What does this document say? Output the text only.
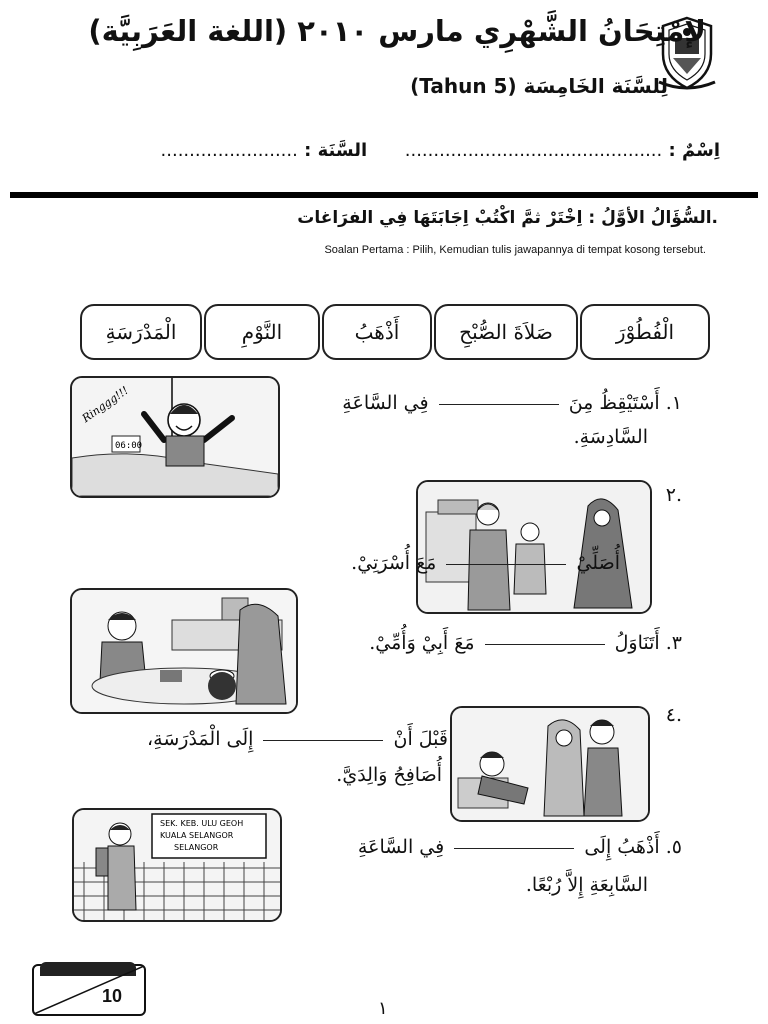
لإمْتِحَانُ الشَّهْرِي مارس ٢٠١٠ (اللغة العَرَبِيَّة)
لِلسَّنَة الخَامِسَة (Tahun 5)
اِسْمٌ : .............................................      السَّنَة : ........................
.السُّؤَالُ الأوَّلُ : اِخْتَرْ ثمَّ اكْتُبْ اِجَابَتَهَا فِي الفرَاغات
Soalan Pertama : Pilih, Kemudian tulis jawapannya di tempat kosong tersebut.
الْفُطُوْرَ
صَلاَةَ الصُّبْحِ
أَذْهَبُ
النَّوْمِ
الْمَدْرَسَةِ
06:00
Ringgg!!!	١. أَسْتَيْقِظُ مِنَ  فِي السَّاعَةِ
السَّادِسَةِ.
أُصَلِّيْ  مَعَ أُسْرَتِيْ.
.٢
٣. أَتَنَاوَلُ  مَعَ أَبِيْ وَأُمِّيْ.
.٤
قَبْلَ أَنْ  إِلَى الْمَدْرَسَةِ،
أُصَافِحُ وَالِدَيَّ.
SEK. KEB. ULU GEOH
KUALA SELANGOR
SELANGOR	٥. أَذْهَبُ إِلَى  فِي السَّاعَةِ
السَّابِعَةِ إِلاَّ رُبْعًا.
10
١
